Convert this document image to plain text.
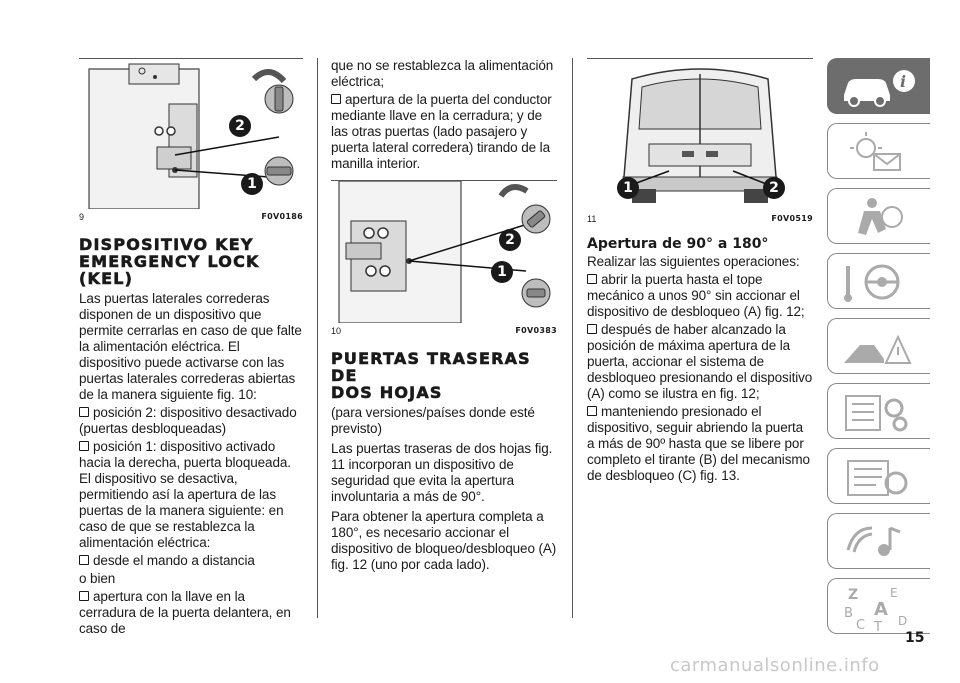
2
1
9	F0V0186
DISPOSITIVO KEY
EMERGENCY LOCK (KEL)

Las puertas laterales correderas disponen de un dispositivo que permite cerrarlas en caso de que falte la alimentación eléctrica. El dispositivo puede activarse con las puertas laterales correderas abiertas de la manera siguiente fig. 10:

posición 2: dispositivo desactivado (puertas desbloqueadas)

posición 1: dispositivo activado hacia la derecha, puerta bloqueada. El dispositivo se desactiva, permitiendo así la apertura de las puertas de la manera siguiente: en caso de que se restablezca la alimentación eléctrica:

desde el mando a distancia

o bien

apertura con la llave en la cerradura de la puerta delantera, en caso de

que no se restablezca la alimentación eléctrica;

apertura de la puerta del conductor mediante llave en la cerradura; y de las otras puertas (lado pasajero y puerta lateral corredera) tirando de la manilla interior.

2
1
10	F0V0383
PUERTAS TRASERAS DE
DOS HOJAS

(para versiones/países donde esté previsto)

Las puertas traseras de dos hojas fig. 11 incorporan un dispositivo de seguridad que evita la apertura involuntaria a más de 90°.

Para obtener la apertura completa a 180°, es necesario accionar el dispositivo de bloqueo/desbloqueo (A) fig. 12 (uno por cada lado).

1	2
11	F0V0519
Apertura de 90° a 180°

Realizar las siguientes operaciones:

abrir la puerta hasta el tope mecánico a unos 90° sin accionar el dispositivo de desbloqueo (A) fig. 12;

después de haber alcanzado la posición de máxima apertura de la puerta, accionar el sistema de desbloqueo presionando el dispositivo (A) como se ilustra en fig. 12;

manteniendo presionado el dispositivo, seguir abriendo la puerta a más de 90º hasta que se libere por completo el tirante (B) del mecanismo de desbloqueo (C) fig. 13.

i
Z	E
B A
C	D
T
15
carmanualsonline.info
